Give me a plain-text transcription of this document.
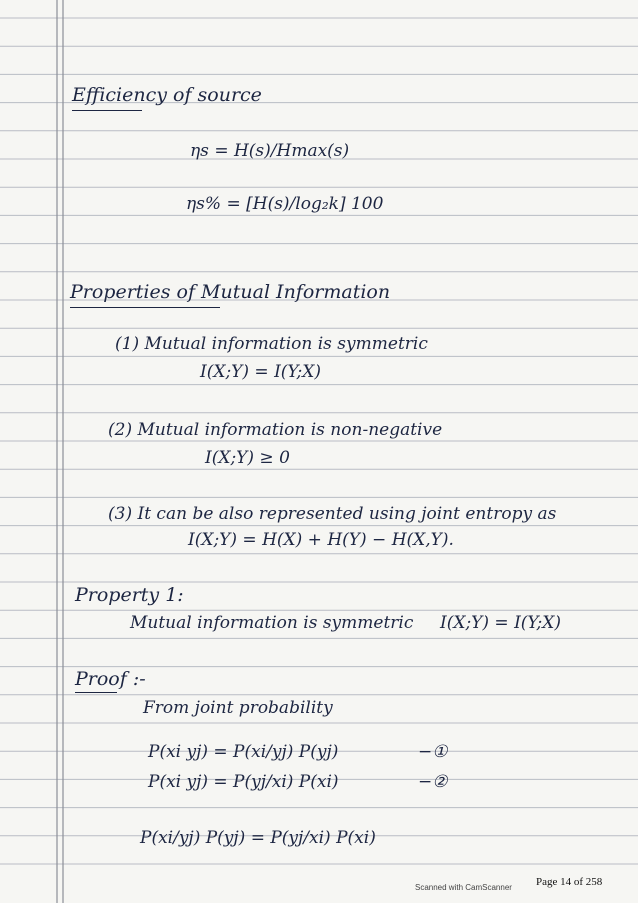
Efficiency of source
ηs = H(s)/Hmax(s)
ηs% = [H(s)/log₂k] 100
Properties of Mutual Information
(1) Mutual information is symmetric
I(X;Y) = I(Y;X)
(2) Mutual information is non-negative
I(X;Y) ≥ 0
(3) It can be also represented using joint entropy as
I(X;Y) = H(X) + H(Y) − H(X,Y).
Property 1:
Mutual information is symmetric I(X;Y) = I(Y;X)
Proof :-
From joint probability
P(xi yj) = P(xi/yj) P(yj)	−①
P(xi yj) = P(yj/xi) P(xi)	−②
P(xi/yj) P(yj) = P(yj/xi) P(xi)
Scanned with CamScanner Page 14 of 258
